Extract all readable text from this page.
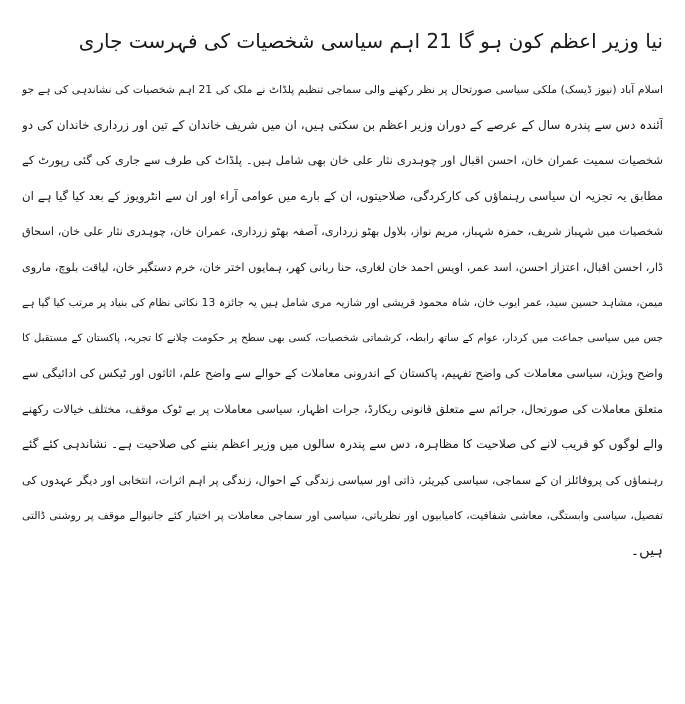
نیا وزیر اعظم کون ہو گا 21 اہم سیاسی شخصیات کی فہرست جاری
اسلام آباد (نیوز ڈیسک) ملکی سیاسی صورتحال پر نظر رکھنے والی سماجی تنظیم پلڈاٹ نے ملک کی 21 اہم شخصیات کی نشاندہی کی ہے جو
آئندہ دس سے پندرہ سال کے عرصے کے دوران وزیر اعظم بن سکتی ہیں، ان میں شریف خاندان کے تین اور زرداری خاندان کی دو
شخصیات سمیت عمران خان، احسن اقبال اور چوہدری نثار علی خان بھی شامل ہیں۔ پلڈاٹ کی طرف سے جاری کی گئی رپورٹ کے
مطابق یہ تجزیہ ان سیاسی رہنماؤں کی کارکردگی، صلاحیتوں، ان کے بارے میں عوامی آراء اور ان سے انٹرویوز کے بعد کیا گیا ہے ان
شخصیات میں شہباز شریف، حمزہ شہباز، مریم نواز، بلاول بھٹو زرداری، آصفہ بھٹو زرداری، عمران خان، چوہدری نثار علی خان، اسحاق
ڈار، احسن اقبال، اعتزاز احسن، اسد عمر، اویس احمد خان لغاری، حنا ربانی کھر، ہمایوں اختر خان، خرم دستگیر خان، لیاقت بلوچ، ماروی
میمن، مشاہد حسین سید، عمر ایوب خان، شاہ محمود قریشی اور شازیہ مری شامل ہیں یہ جائزہ 13 نکاتی نظام کی بنیاد پر مرتب کیا گیا ہے
جس میں سیاسی جماعت میں کردار، عوام کے ساتھ رابطہ، کرشماتی شخصیات، کسی بھی سطح پر حکومت چلانے کا تجربہ، پاکستان کے مستقبل کا
واضح ویژن، سیاسی معاملات کی واضح تفہیم، پاکستان کے اندرونی معاملات کے حوالے سے واضح علم، اثاثوں اور ٹیکس کی ادائیگی سے
متعلق معاملات کی صورتحال، جرائم سے متعلق قانونی ریکارڈ، جرات اظہار، سیاسی معاملات پر بے ٹوک موقف، مختلف خیالات رکھنے
والے لوگوں کو قریب لانے کی صلاحیت کا مظاہرہ، دس سے پندرہ سالوں میں وزیر اعظم بننے کی صلاحیت ہے۔ نشاندہی کئے گئے
رہنماؤں کی پروفائلز ان کے سماجی، سیاسی کیریئر، ذاتی اور سیاسی زندگی کے احوال، زندگی پر اہم اثرات، انتخابی اور دیگر عہدوں کی
تفصیل، سیاسی وابستگی، معاشی شفافیت، کامیابیوں اور نظریاتی، سیاسی اور سماجی معاملات پر اختیار کئے جانیوالے موقف پر روشنی ڈالتی
ہیں۔
